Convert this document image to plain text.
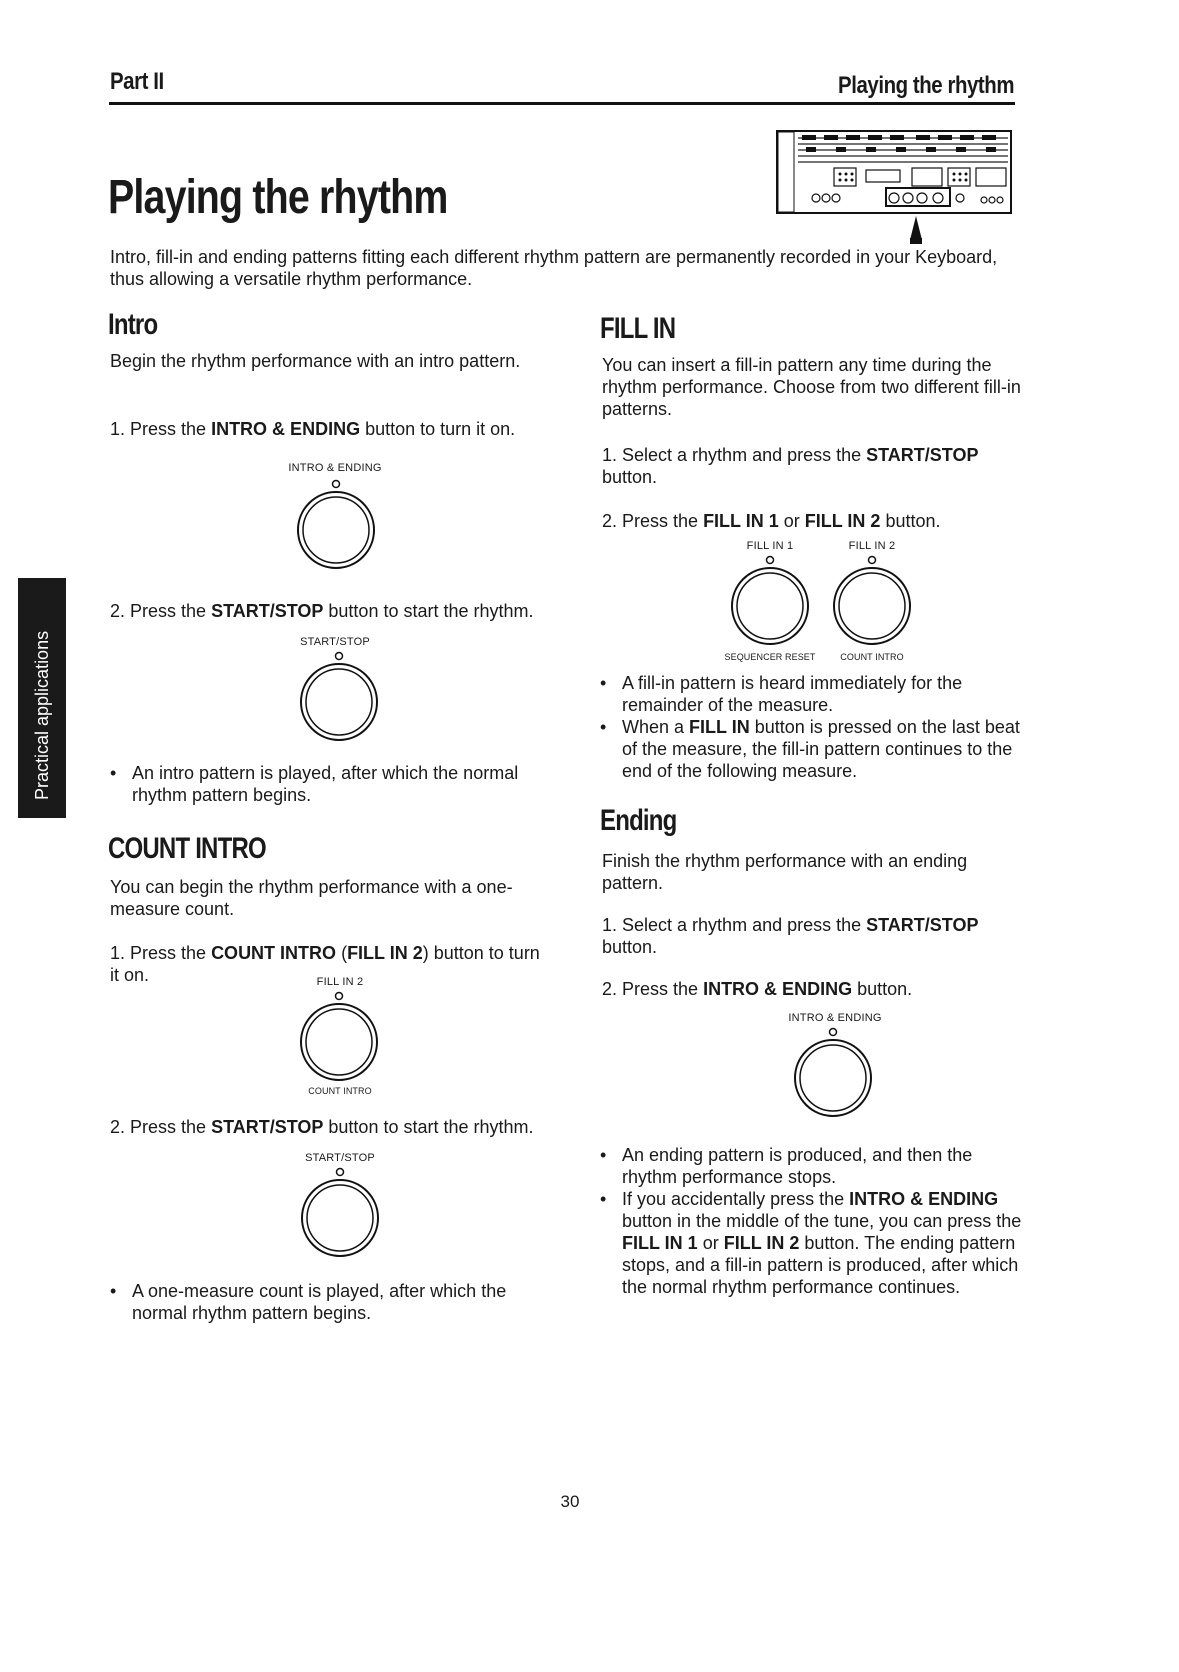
Part II	Playing the rhythm
Playing the rhythm
Intro, fill-in and ending patterns fitting each different rhythm pattern are permanently recorded in your Keyboard, thus allowing a versatile rhythm performance.
Practical applications
Intro
Begin the rhythm performance with an intro pattern.
1. Press the INTRO & ENDING button to turn it on.
INTRO & ENDING
2. Press the START/STOP button to start the rhythm.
START/STOP
• An intro pattern is played, after which the normal rhythm pattern begins.
COUNT INTRO
You can begin the rhythm performance with a one-measure count.
1. Press the COUNT INTRO (FILL IN 2) button to turn it on.	FILL IN 2
COUNT INTRO
2. Press the START/STOP button to start the rhythm.
START/STOP
• A one-measure count is played, after which the normal rhythm pattern begins.
FILL IN
You can insert a fill-in pattern any time during the rhythm performance. Choose from two different fill-in patterns.
1. Select a rhythm and press the START/STOP button.
2. Press the FILL IN 1 or FILL IN 2 button.
FILL IN 1
SEQUENCER RESET
FILL IN 2
COUNT INTRO
• A fill-in pattern is heard immediately for the remainder of the measure.
• When a FILL IN button is pressed on the last beat of the measure, the fill-in pattern continues to the end of the following measure.
Ending
Finish the rhythm performance with an ending pattern.
1. Select a rhythm and press the START/STOP button.
2. Press the INTRO & ENDING button.
INTRO & ENDING
• An ending pattern is produced, and then the rhythm performance stops.
• If you accidentally press the INTRO & ENDING button in the middle of the tune, you can press the FILL IN 1 or FILL IN 2 button. The ending pattern stops, and a fill-in pattern is produced, after which the normal rhythm performance continues.
30
